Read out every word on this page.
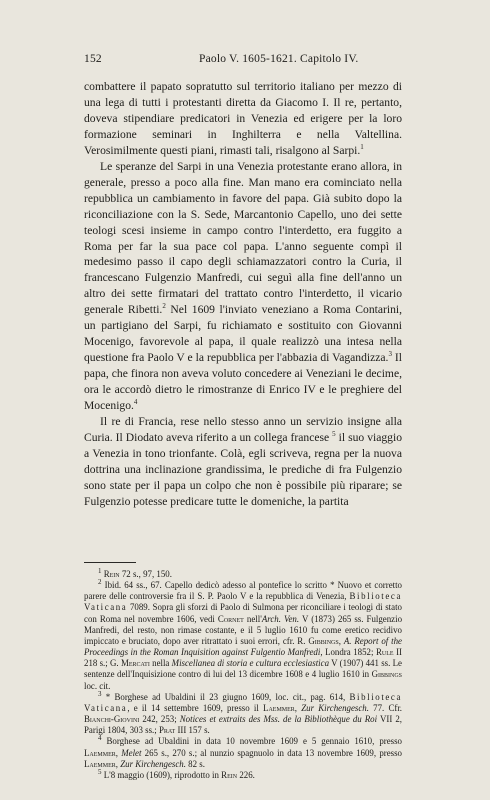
152	Paolo V. 1605-1621. Capitolo IV.

combattere il papato sopratutto sul territorio italiano per mezzo di una lega di tutti i protestanti diretta da Giacomo I. Il re, pertanto, doveva stipendiare predicatori in Venezia ed erigere per la loro formazione seminari in Inghilterra e nella Valtellina. Verosimilmente questi piani, rimasti tali, risalgono al Sarpi.$^1$

Le speranze del Sarpi in una Venezia protestante erano allora, in generale, presso a poco alla fine. Man mano era cominciato nella repubblica un cambiamento in favore del papa. Già subito dopo la riconciliazione con la S. Sede, Marcantonio Capello, uno dei sette teologi scesi insieme in campo contro l'interdetto, era fuggito a Roma per far la sua pace col papa. L'anno seguente compì il medesimo passo il capo degli schiamazzatori contro la Curia, il francescano Fulgenzio Manfredi, cui seguì alla fine dell'anno un altro dei sette firmatari del trattato contro l'interdetto, il vicario generale Ribetti.$^2$ Nel 1609 l'inviato veneziano a Roma Contarini, un partigiano del Sarpi, fu richiamato e sostituito con Giovanni Mocenigo, favorevole al papa, il quale realizzò una intesa nella questione fra Paolo V e la repubblica per l'abbazia di Vagandizza.$^3$ Il papa, che finora non aveva voluto concedere ai Veneziani le decime, ora le accordò dietro le rimostranze di Enrico IV e le preghiere del Mocenigo.$^4$

Il re di Francia, rese nello stesso anno un servizio insigne alla Curia. Il Diodato aveva riferito a un collega francese $^5$ il suo viaggio a Venezia in tono trionfante. Colà, egli scriveva, regna per la nuova dottrina una inclinazione grandissima, le prediche di fra Fulgenzio sono state per il papa un colpo che non è possibile più riparare; se Fulgenzio potesse predicare tutte le domeniche, la partita

$^1$ Rein 72 s., 97, 150.

$^2$ Ibid. 64 ss., 67. Capello dedicò adesso al pontefice lo scritto * Nuovo et corretto parere delle controversie fra il S. P. Paolo V e la repubblica di Venezia, Biblioteca Vaticana 7089. Sopra gli sforzi di Paolo di Sulmona per riconciliare i teologi di stato con Roma nel novembre 1606, vedi Cornet nell'Arch. Ven. V (1873) 265 ss. Fulgenzio Manfredi, del resto, non rimase costante, e il 5 luglio 1610 fu come eretico recidivo impiccato e bruciato, dopo aver ritrattato i suoi errori, cfr. R. Gibbings, A. Report of the Proceedings in the Roman Inquisition against Fulgentio Manfredi, Londra 1852; Rule II 218 s.; G. Mercati nella Miscellanea di storia e cultura ecclesiastica V (1907) 441 ss. Le sentenze dell'Inquisizione contro di lui del 13 dicembre 1608 e 4 luglio 1610 in Gibbings loc. cit.

$^3$ * Borghese ad Ubaldini il 23 giugno 1609, loc. cit., pag. 614, Biblioteca Vaticana, e il 14 settembre 1609, presso il Laemmer, Zur Kirchengesch. 77. Cfr. Bianchi-Giovini 242, 253; Notices et extraits des Mss. de la Bibliothèque du Roi VII 2, Parigi 1804, 303 ss.; Prat III 157 s.

$^4$ Borghese ad Ubaldini in data 10 novembre 1609 e 5 gennaio 1610, presso Laemmer, Melet 265 s., 270 s.; al nunzio spagnuolo in data 13 novembre 1609, presso Laemmer, Zur Kirchengesch. 82 s.

$^5$ L'8 maggio (1609), riprodotto in Rein 226.
